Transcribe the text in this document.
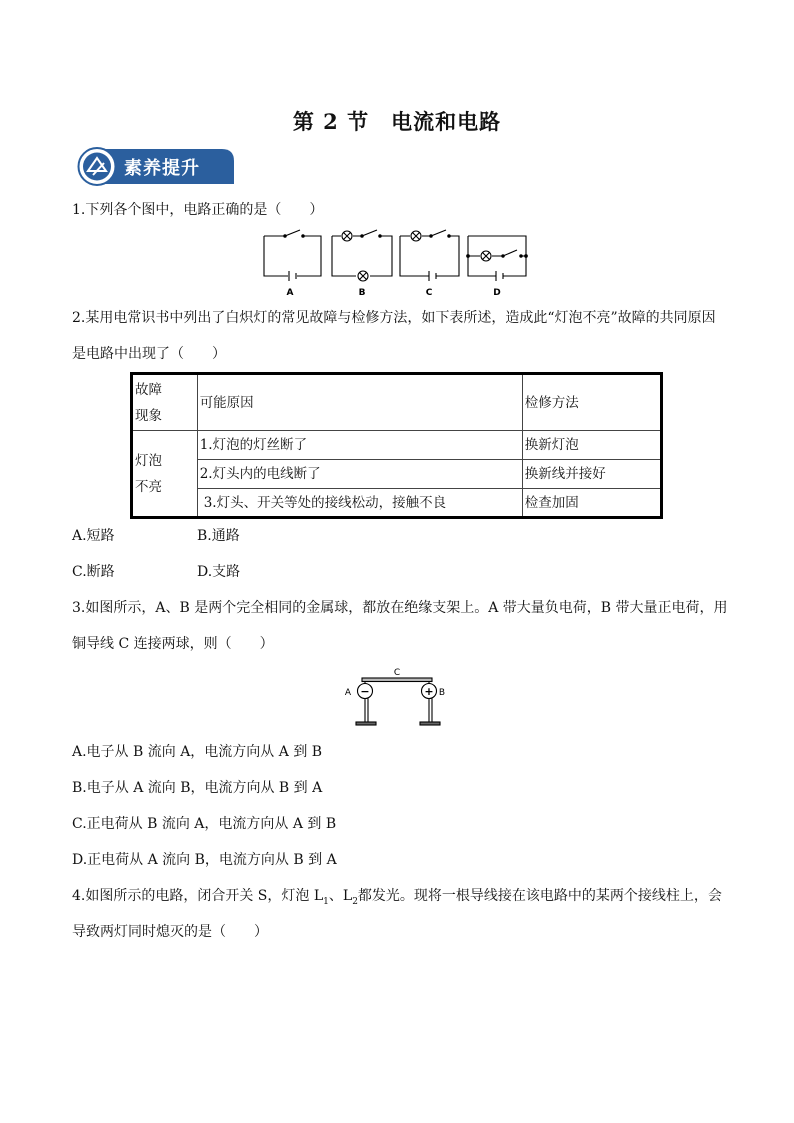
第 2 节　电流和电路
素养提升
1.下列各个图中，电路正确的是（　　）
A	B	C	D
2.某用电常识书中列出了白炽灯的常见故障与检修方法，如下表所述，造成此“灯泡不亮”故障的共同原因
是电路中出现了（　　）
故障
现象	可能原因	检修方法

灯泡
不亮	1.灯泡的灯丝断了	换新灯泡
	2.灯头内的电线断了	换新线并接好
	3.灯头、开关等处的接线松动，接触不良	检查加固
A.短路	B.通路
C.断路	D.支路
3.如图所示，A、B 是两个完全相同的金属球，都放在绝缘支架上。A 带大量负电荷，B 带大量正电荷，用
铜导线 C 连接两球，则（　　）
C
A	B
−	+
A.电子从 B 流向 A，电流方向从 A 到 B
B.电子从 A 流向 B，电流方向从 B 到 A
C.正电荷从 B 流向 A，电流方向从 A 到 B
D.正电荷从 A 流向 B，电流方向从 B 到 A
4.如图所示的电路，闭合开关 S，灯泡 $L_1$、$L_2$都发光。现将一根导线接在该电路中的某两个接线柱上，会
导致两灯同时熄灭的是（　　）
